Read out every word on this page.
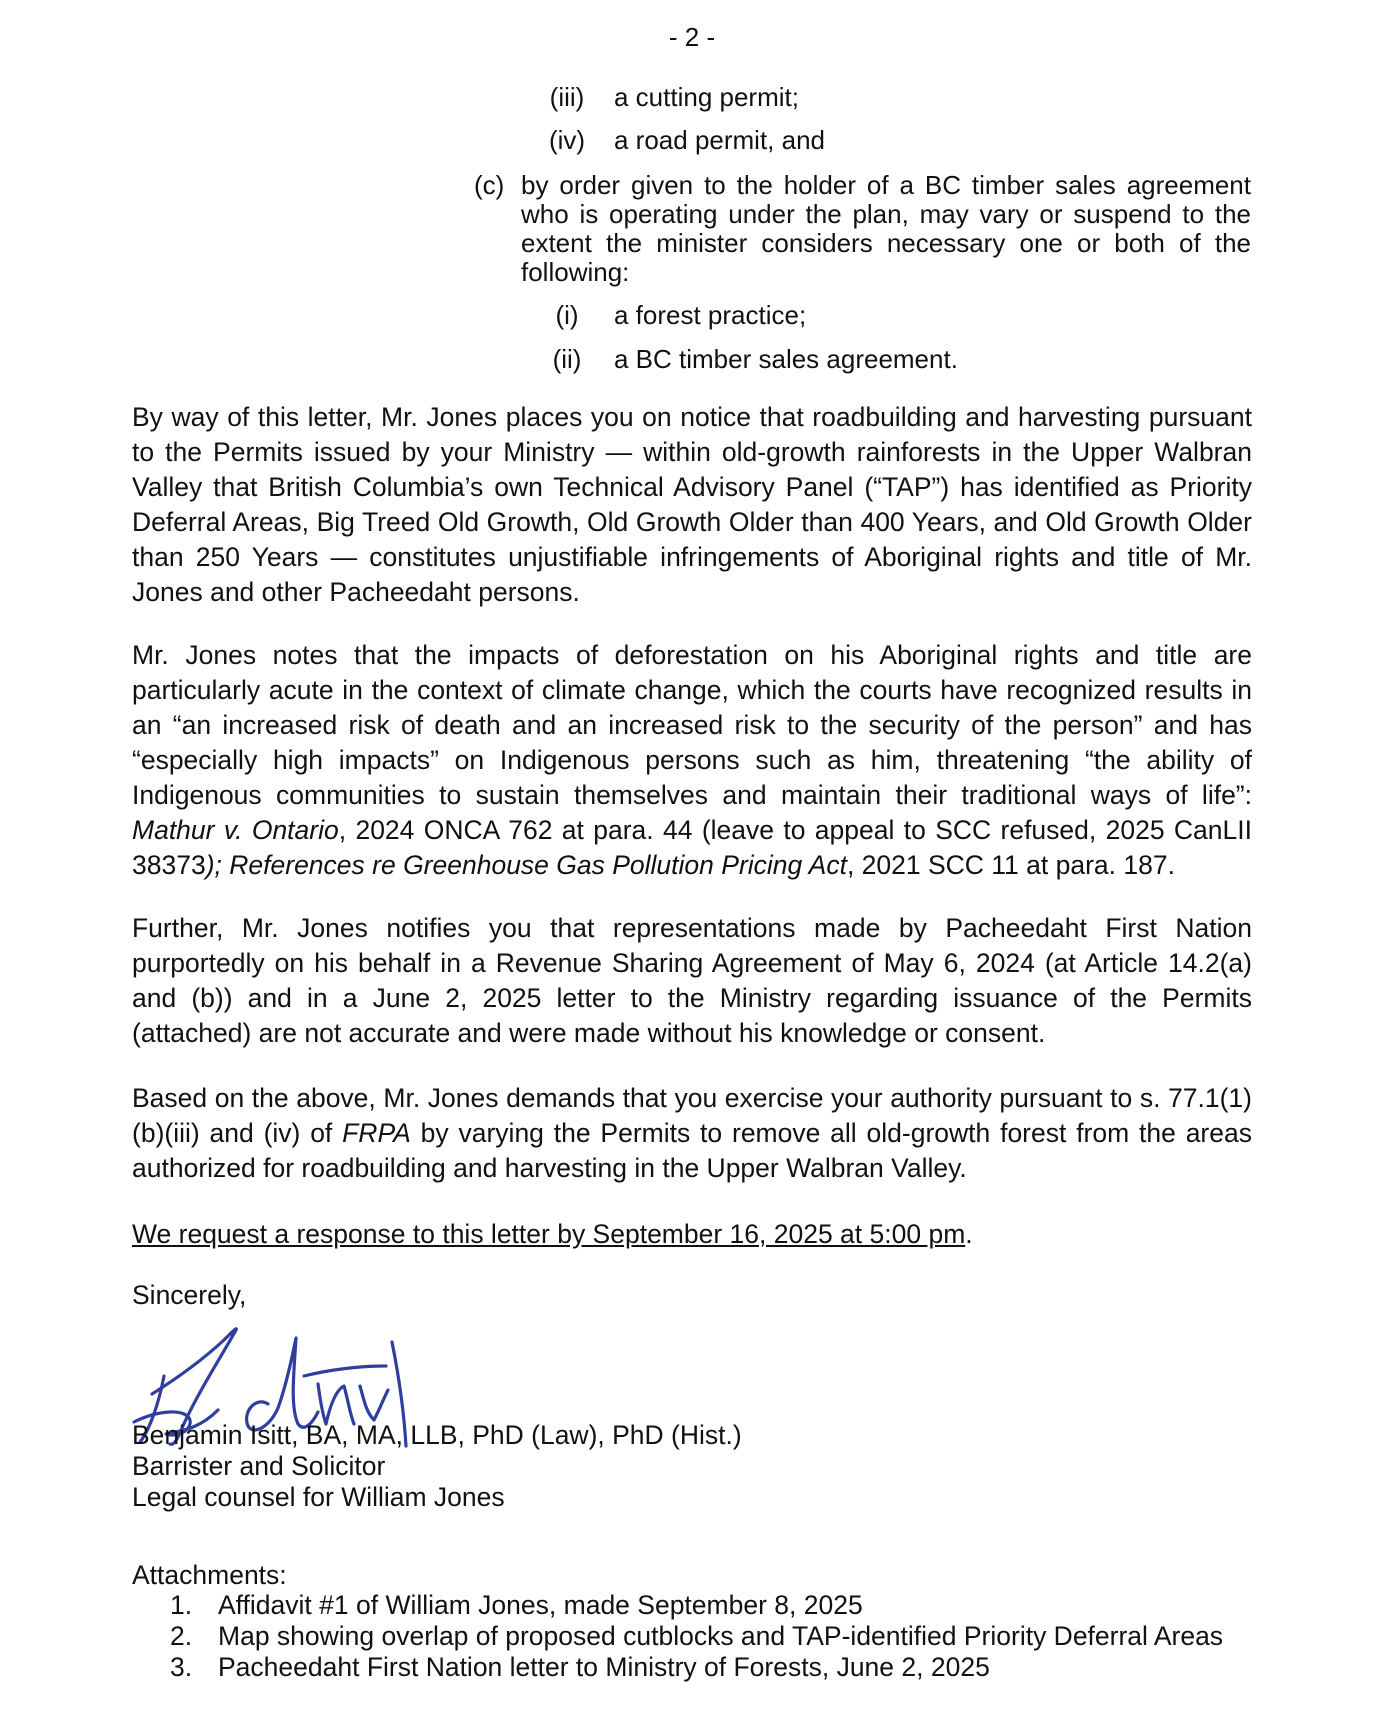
- 2 -
(iii) a cutting permit;
(iv) a road permit, and
(c) by order given to the holder of a BC timber sales agreement who is operating under the plan, may vary or suspend to the extent the minister considers necessary one or both of the following:
(i) a forest practice;
(ii) a BC timber sales agreement.
By way of this letter, Mr. Jones places you on notice that roadbuilding and harvesting pursuant to the Permits issued by your Ministry — within old-growth rainforests in the Upper Walbran Valley that British Columbia’s own Technical Advisory Panel (“TAP”) has identified as Priority Deferral Areas, Big Treed Old Growth, Old Growth Older than 400 Years, and Old Growth Older than 250 Years — constitutes unjustifiable infringements of Aboriginal rights and title of Mr. Jones and other Pacheedaht persons.
Mr. Jones notes that the impacts of deforestation on his Aboriginal rights and title are particularly acute in the context of climate change, which the courts have recognized results in an “an increased risk of death and an increased risk to the security of the person” and has “especially high impacts” on Indigenous persons such as him, threatening “the ability of Indigenous communities to sustain themselves and maintain their traditional ways of life”: Mathur v. Ontario, 2024 ONCA 762 at para. 44 (leave to appeal to SCC refused, 2025 CanLII 38373); References re Greenhouse Gas Pollution Pricing Act, 2021 SCC 11 at para. 187.
Further, Mr. Jones notifies you that representations made by Pacheedaht First Nation purportedly on his behalf in a Revenue Sharing Agreement of May 6, 2024 (at Article 14.2(a) and (b)) and in a June 2, 2025 letter to the Ministry regarding issuance of the Permits (attached) are not accurate and were made without his knowledge or consent.
Based on the above, Mr. Jones demands that you exercise your authority pursuant to s. 77.1(1)(b)(iii) and (iv) of FRPA by varying the Permits to remove all old-growth forest from the areas authorized for roadbuilding and harvesting in the Upper Walbran Valley.
We request a response to this letter by September 16, 2025 at 5:00 pm.
Sincerely,
Benjamin Isitt, BA, MA, LLB, PhD (Law), PhD (Hist.)
Barrister and Solicitor
Legal counsel for William Jones
Attachments:
1. Affidavit #1 of William Jones, made September 8, 2025
2. Map showing overlap of proposed cutblocks and TAP-identified Priority Deferral Areas
3. Pacheedaht First Nation letter to Ministry of Forests, June 2, 2025
